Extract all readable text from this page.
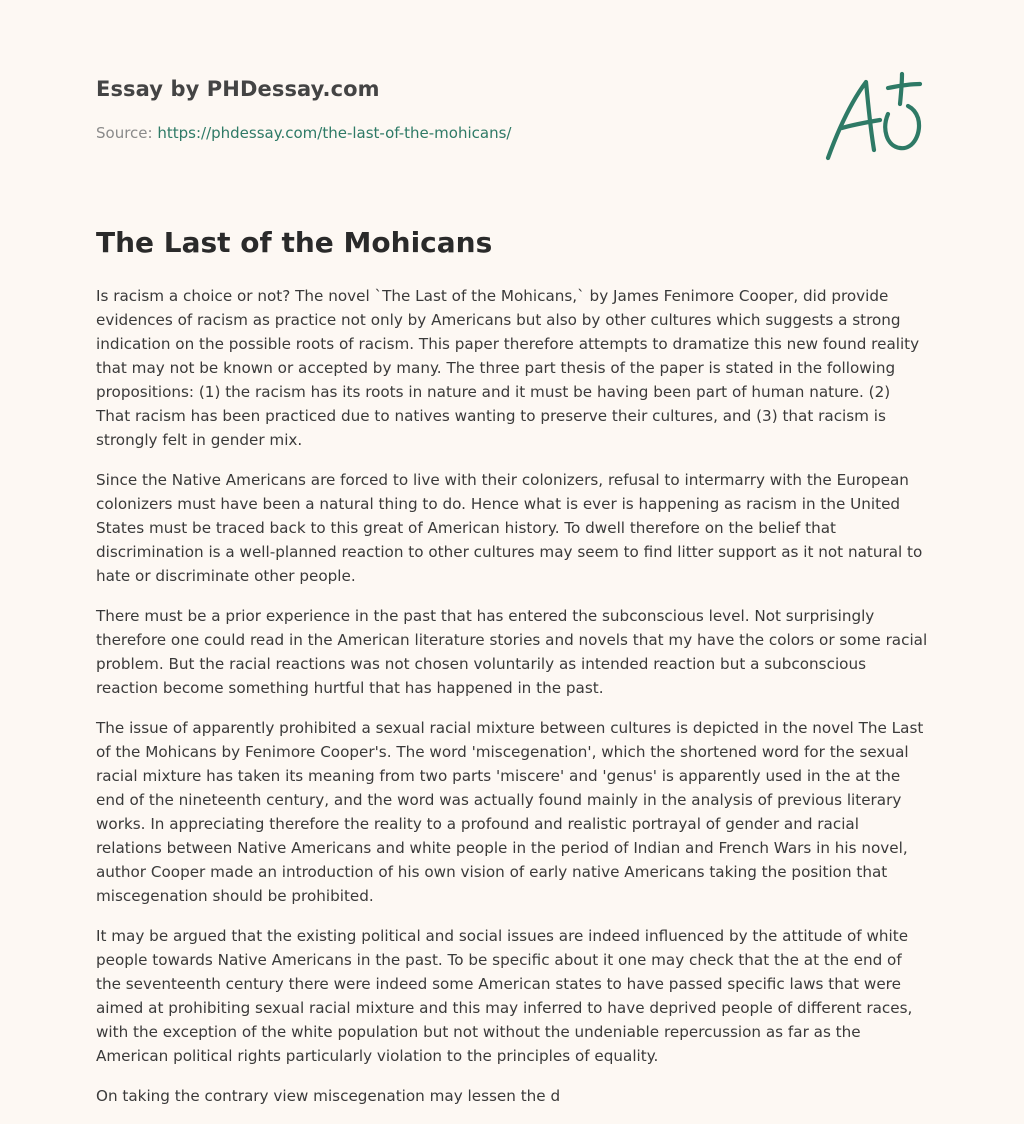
Essay by PHDessay.com
Source: https://phdessay.com/the-last-of-the-mohicans/
The Last of the Mohicans

Is racism a choice or not? The novel `The Last of the Mohicans,` by James Fenimore Cooper, did provide evidences of racism as practice not only by Americans but also by other cultures which suggests a strong indication on the possible roots of racism. This paper therefore attempts to dramatize this new found reality that may not be known or accepted by many. The three part thesis of the paper is stated in the following propositions: (1) the racism has its roots in nature and it must be having been part of human nature. (2) That racism has been practiced due to natives wanting to preserve their cultures, and (3) that racism is strongly felt in gender mix.

Since the Native Americans are forced to live with their colonizers, refusal to intermarry with the European colonizers must have been a natural thing to do. Hence what is ever is happening as racism in the United States must be traced back to this great of American history. To dwell therefore on the belief that discrimination is a well-planned reaction to other cultures may seem to find litter support as it not natural to hate or discriminate other people.

There must be a prior experience in the past that has entered the subconscious level. Not surprisingly therefore one could read in the American literature stories and novels that my have the colors or some racial problem. But the racial reactions was not chosen voluntarily as intended reaction but a subconscious reaction become something hurtful that has happened in the past.

The issue of apparently prohibited a sexual racial mixture between cultures is depicted in the novel The Last of the Mohicans by Fenimore Cooper's. The word 'miscegenation', which the shortened word for the sexual racial mixture has taken its meaning from two parts 'miscere' and 'genus' is apparently used in the at the end of the nineteenth century, and the word was actually found mainly in the analysis of previous literary works. In appreciating therefore the reality to a profound and realistic portrayal of gender and racial relations between Native Americans and white people in the period of Indian and French Wars in his novel, author Cooper made an introduction of his own vision of early native Americans taking the position that miscegenation should be prohibited.

It may be argued that the existing political and social issues are indeed influenced by the attitude of white people towards Native Americans in the past. To be specific about it one may check that the at the end of the seventeenth century there were indeed some American states to have passed specific laws that were aimed at prohibiting sexual racial mixture and this may inferred to have deprived people of different races, with the exception of the white population but not without the undeniable repercussion as far as the American political rights particularly violation to the principles of equality.

On taking the contrary view miscegenation may lessen the d
